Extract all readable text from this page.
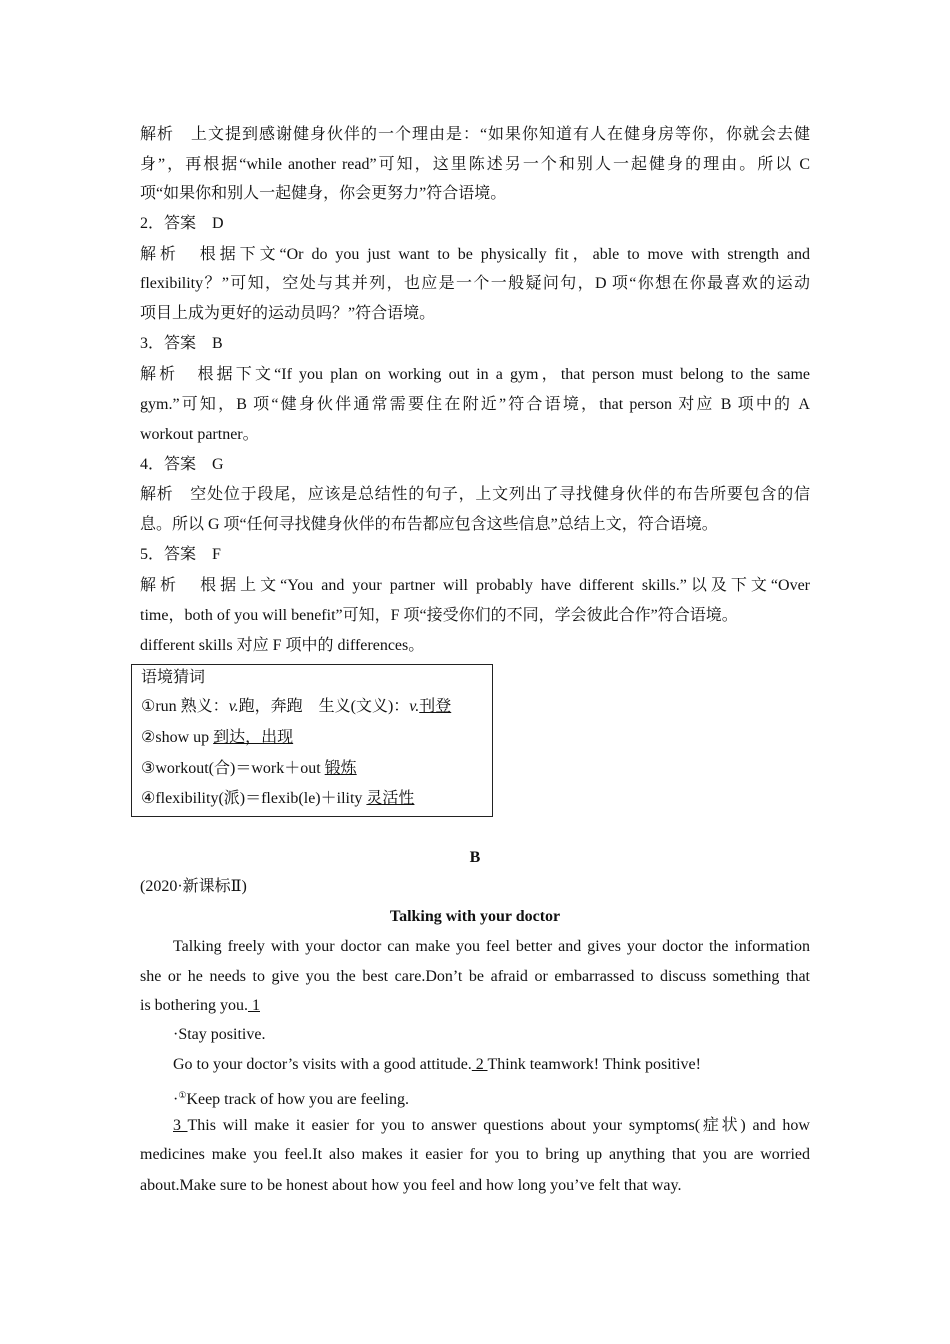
解析　上文提到感谢健身伙伴的一个理由是：“如果你知道有人在健身房等你，你就会去健
身”，再根据“while another read”可知，这里陈述另一个和别人一起健身的理由。所以 C
项“如果你和别人一起健身，你会更努力”符合语境。
2．答案　D
解析　根据下文“Or do you just want to be physically fit，able to move with strength and
flexibility？”可知，空处与其并列，也应是一个一般疑问句，D 项“你想在你最喜欢的运动
项目上成为更好的运动员吗？”符合语境。
3．答案　B
解析　根据下文“If you plan on working out in a gym，that person must belong to the same
gym.”可知，B 项“健身伙伴通常需要住在附近”符合语境，that person 对应 B 项中的 A
workout partner。
4．答案　G
解析　空处位于段尾，应该是总结性的句子，上文列出了寻找健身伙伴的布告所要包含的信
息。所以 G 项“任何寻找健身伙伴的布告都应包含这些信息”总结上文，符合语境。
5．答案　F
解析　根据上文“You and your partner will probably have different skills.”以及下文“Over
time，both of you will benefit”可知，F 项“接受你们的不同，学会彼此合作”符合语境。
different skills 对应 F 项中的 differences。
语境猜词
①run 熟义：v.跑，奔跑　生义(文义)：v.刊登
②show up 到达，出现
③workout(合)＝work＋out 锻炼
④flexibility(派)＝flexib(le)＋ility 灵活性
B
(2020·新课标Ⅱ)
Talking with your doctor
Talking freely with your doctor can make you feel better and gives your doctor the information
she or he needs to give you the best care.Don’t be afraid or embarrassed to discuss something that
is bothering you. 1
·Stay positive.
Go to your doctor’s visits with a good attitude. 2 Think teamwork! Think positive!
·①Keep track of how you are feeling.
3 This will make it easier for you to answer questions about your symptoms(症状) and how
medicines make you feel.It also makes it easier for you to bring up anything that you are worried
about.Make sure to be honest about how you feel and how long you’ve felt that way.
